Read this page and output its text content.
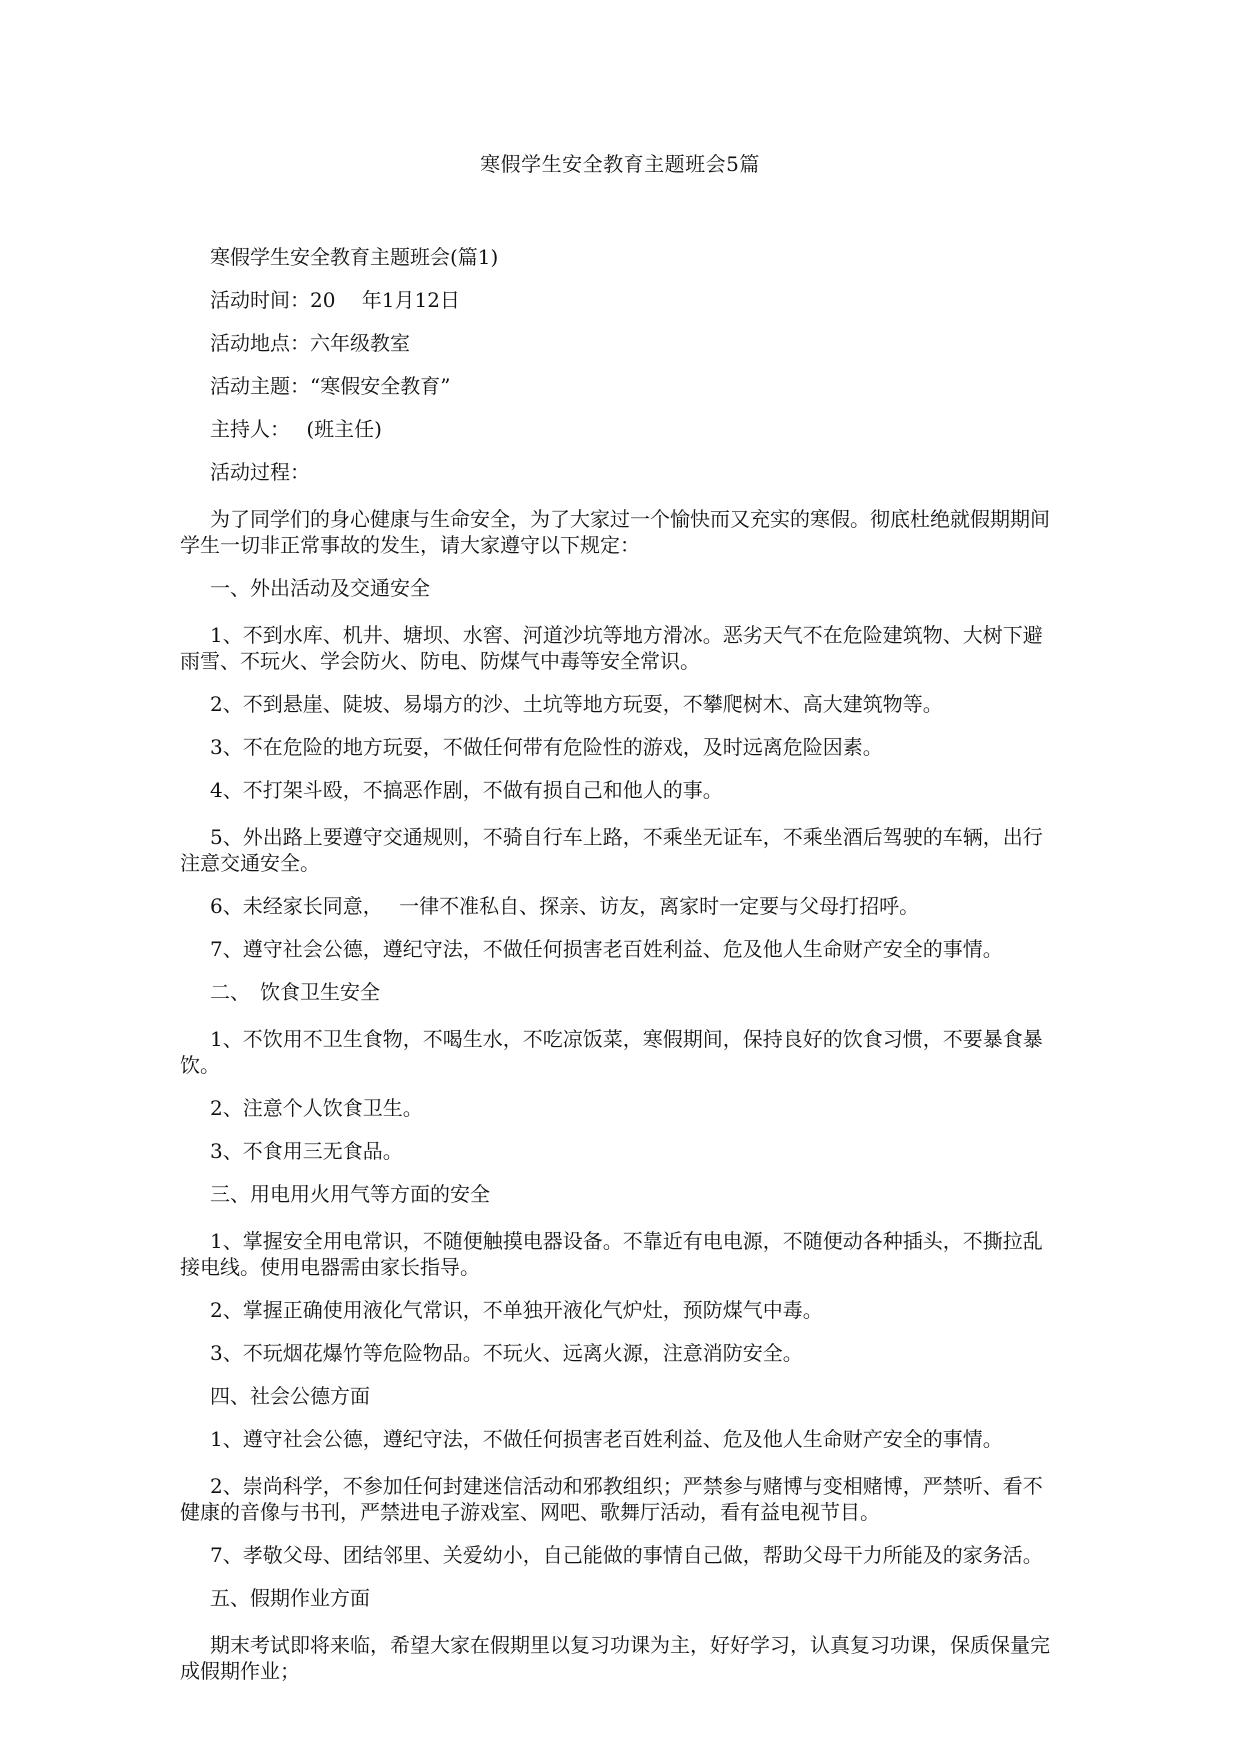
寒假学生安全教育主题班会5篇

寒假学生安全教育主题班会(篇1)

活动时间：20　 年1月12日

活动地点：六年级教室

活动主题：“寒假安全教育”

主持人：　 (班主任)

活动过程：

为了同学们的身心健康与生命安全，为了大家过一个愉快而又充实的寒假。彻底杜绝就假期期间学生一切非正常事故的发生，请大家遵守以下规定：

一、外出活动及交通安全

1、不到水库、机井、塘坝、水窖、河道沙坑等地方滑冰。恶劣天气不在危险建筑物、大树下避雨雪、不玩火、学会防火、防电、防煤气中毒等安全常识。

2、不到悬崖、陡坡、易塌方的沙、土坑等地方玩耍，不攀爬树木、高大建筑物等。

3、不在危险的地方玩耍，不做任何带有危险性的游戏，及时远离危险因素。

4、不打架斗殴，不搞恶作剧，不做有损自己和他人的事。

5、外出路上要遵守交通规则，不骑自行车上路，不乘坐无证车，不乘坐酒后驾驶的车辆，出行注意交通安全。

6、未经家长同意，　 一律不准私自、探亲、访友，离家时一定要与父母打招呼。

7、遵守社会公德，遵纪守法，不做任何损害老百姓利益、危及他人生命财产安全的事情。

二、　饮食卫生安全

1、不饮用不卫生食物，不喝生水，不吃凉饭菜，寒假期间，保持良好的饮食习惯，不要暴食暴饮。

2、注意个人饮食卫生。

3、不食用三无食品。

三、用电用火用气等方面的安全

1、掌握安全用电常识，不随便触摸电器设备。不靠近有电电源，不随便动各种插头，不撕拉乱接电线。使用电器需由家长指导。

2、掌握正确使用液化气常识，不单独开液化气炉灶，预防煤气中毒。

3、不玩烟花爆竹等危险物品。不玩火、远离火源，注意消防安全。

四、社会公德方面

1、遵守社会公德，遵纪守法，不做任何损害老百姓利益、危及他人生命财产安全的事情。

2、崇尚科学，不参加任何封建迷信活动和邪教组织；严禁参与赌博与变相赌博，严禁听、看不健康的音像与书刊，严禁进电子游戏室、网吧、歌舞厅活动，看有益电视节目。

7、孝敬父母、团结邻里、关爱幼小，自己能做的事情自己做，帮助父母干力所能及的家务活。

五、假期作业方面

期末考试即将来临，希望大家在假期里以复习功课为主，好好学习，认真复习功课，保质保量完成假期作业；
